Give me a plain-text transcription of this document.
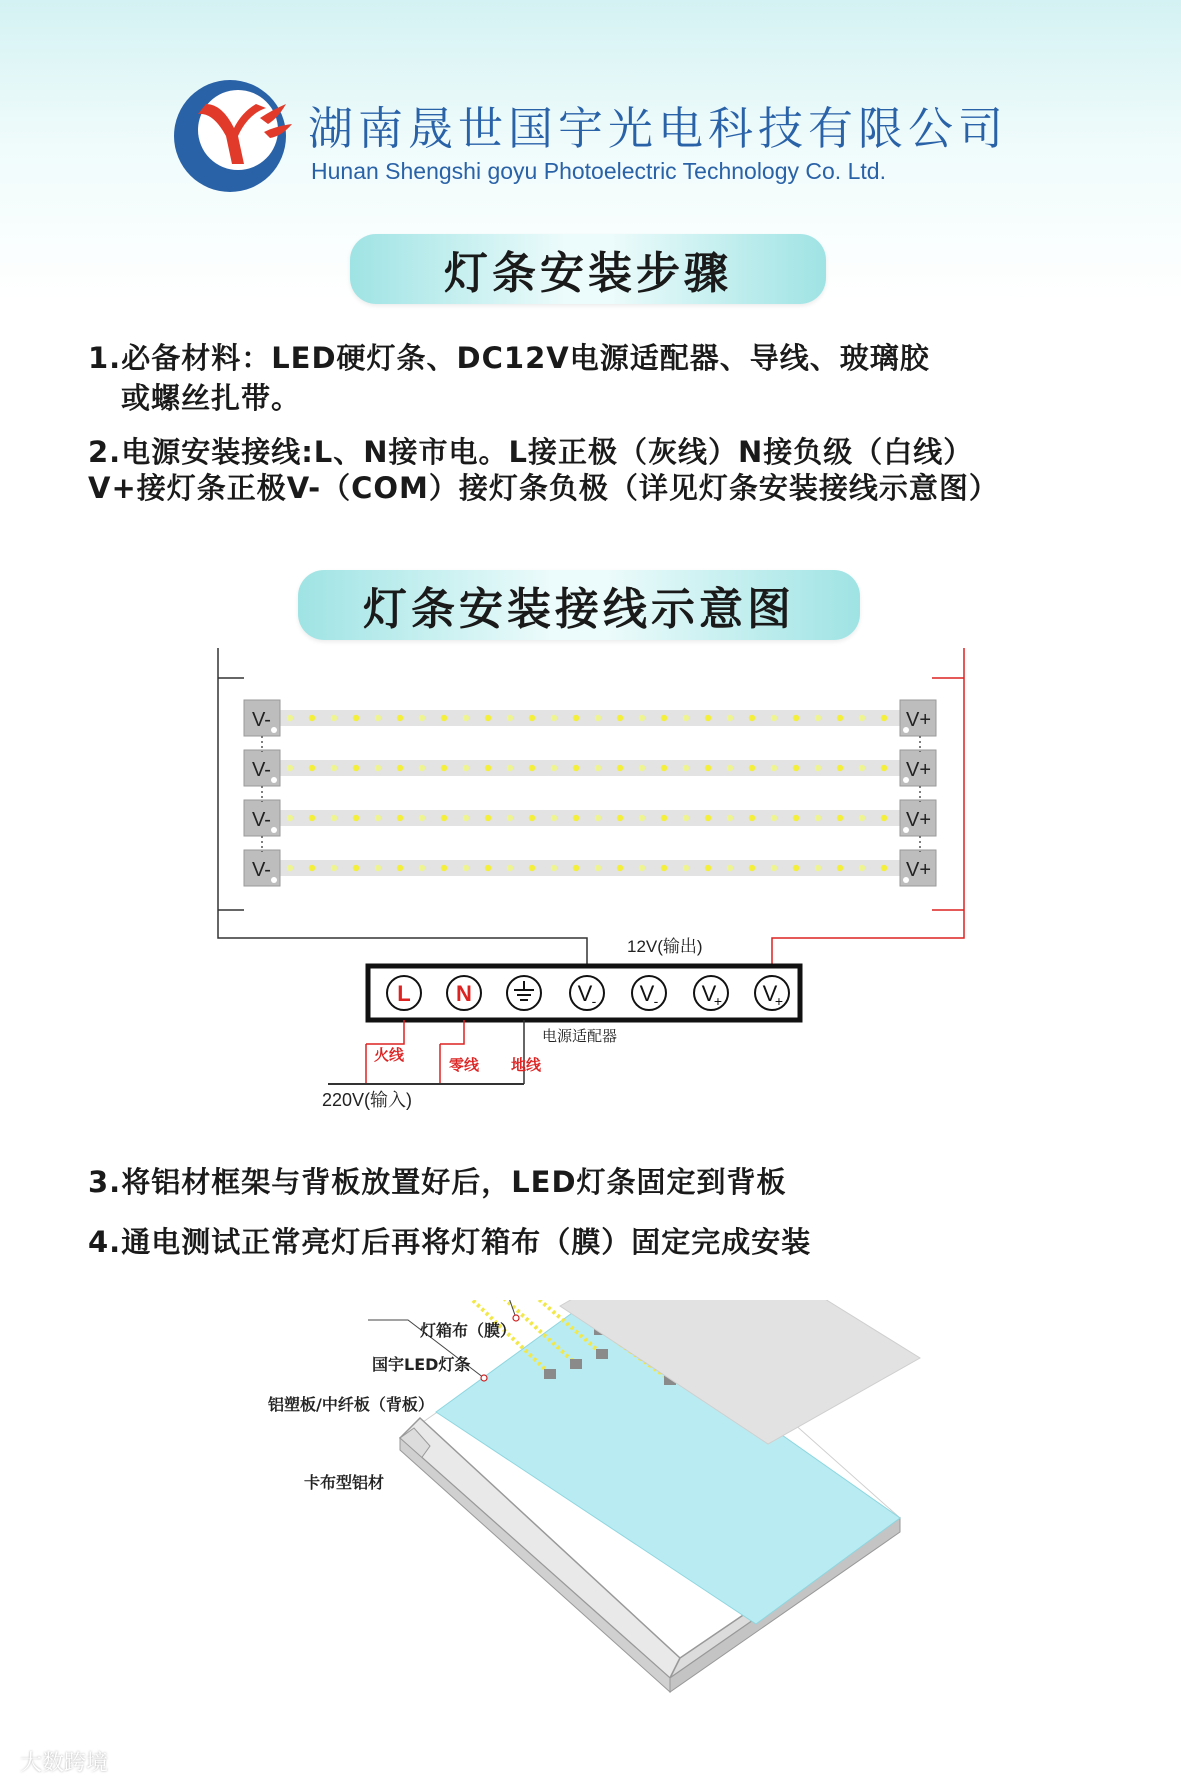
湖南晟世国宇光电科技有限公司
Hunan Shengshi goyu Photoelectric Technology Co. Ltd.
灯条安装步骤
1.必备材料：LED硬灯条、DC12V电源适配器、导线、玻璃胶
或螺丝扎带。
2.电源安装接线:L、N接市电。L接正极（灰线）N接负级（白线）
V+接灯条正极V-（COM）接灯条负极（详见灯条安装接线示意图）
灯条安装接线示意图
V-
V-
V-
V-
V+
V+
V+
V+
12V(输出)
L N	V - V - V
+ V
+
电源适配器
火线
零线 地线
220V(输入)
3.将铝材框架与背板放置好后，LED灯条固定到背板
4.通电测试正常亮灯后再将灯箱布（膜）固定完成安装
灯箱布（膜）
国宇LED灯条
铝塑板/中纤板（背板）
卡布型铝材
大数跨境
